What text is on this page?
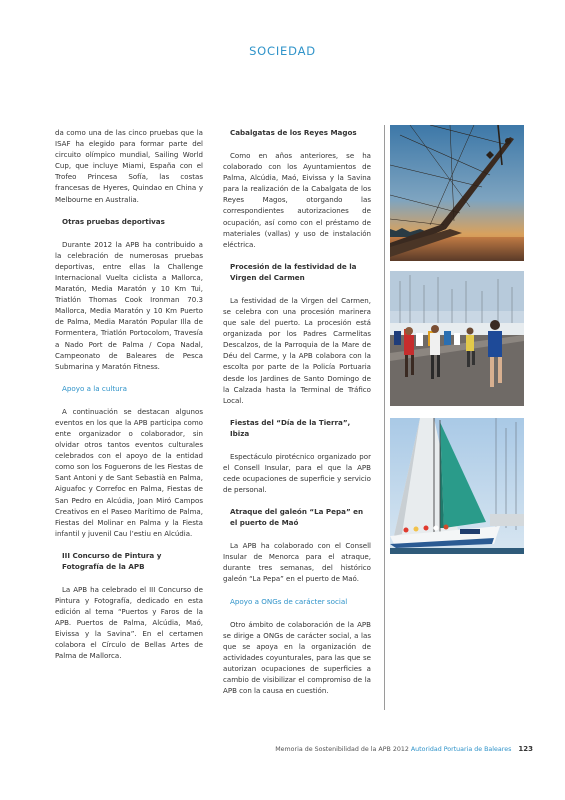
SOCIEDAD

da como una de las cinco pruebas que la ISAF ha elegido para formar parte del circuito olímpico mundial, Sailing World Cup, que incluye Miami, España con el Trofeo Princesa Sofía, las costas francesas de Hyeres, Quindao en China y Melbourne en Australia.

Otras pruebas deportivas

Durante 2012 la APB ha contribuido a la celebración de numerosas pruebas deportivas, entre ellas la Challenge Internacional Vuelta ciclista a Mallorca, Maratón, Media Maratón y 10 Km Tui, Triatlón Thomas Cook Ironman 70.3 Mallorca, Media Maratón y 10 Km Puerto de Palma, Media Maratón Popular Illa de Formentera, Triatlón Portocolom, Travesía a Nado Port de Palma / Copa Nadal, Campeonato de Baleares de Pesca Submarina y Maratón Fitness.

Apoyo a la cultura

A continuación se destacan algunos eventos en los que la APB participa como ente organizador o colaborador, sin olvidar otros tantos eventos culturales celebrados con el apoyo de la entidad como son los Foguerons de les Fiestas de Sant Antoni y de Sant Sebastià en Palma, Aiguafoc y Correfoc en Palma, Fiestas de San Pedro en Alcúdia, Joan Miró Campos Creativos en el Paseo Marítimo de Palma, Fiestas del Molinar en Palma y la Fiesta infantil y juvenil Cau l’estiu en Alcúdia.

III Concurso de Pintura y Fotografía de la APB

La APB ha celebrado el III Concurso de Pintura y Fotografía, dedicado en esta edición al tema “Puertos y Faros de la APB. Puertos de Palma, Alcúdia, Maó, Eivissa y la Savina”. En el certamen colabora el Círculo de Bellas Artes de Palma de Mallorca.

Cabalgatas de los Reyes Magos

Como en años anteriores, se ha colaborado con los Ayuntamientos de Palma, Alcúdia, Maó, Eivissa y la Savina para la realización de la Cabalgata de los Reyes Magos, otorgando las correspondientes autorizaciones de ocupación, así como con el préstamo de materiales (vallas) y uso de instalación eléctrica.

Procesión de la festividad de la Virgen del Carmen

La festividad de la Virgen del Carmen, se celebra con una procesión marinera que sale del puerto. La procesión está organizada por los Padres Carmelitas Descalzos, de la Parroquia de la Mare de Déu del Carme, y la APB colabora con la escolta por parte de la Policía Portuaria desde los Jardines de Santo Domingo de la Calzada hasta la Terminal de Tráfico Local.

Fiestas del “Día de la Tierra”, Ibiza

Espectáculo pirotécnico organizado por el Consell Insular, para el que la APB cede ocupaciones de superficie y servicio de personal.

Atraque del galeón “La Pepa” en el puerto de Maó

La APB ha colaborado con el Consell Insular de Menorca para el atraque, durante tres semanas, del histórico galeón “La Pepa” en el puerto de Maó.

Apoyo a ONGs de carácter social

Otro ámbito de colaboración de la APB se dirige a ONGs de carácter social, a las que se apoya en la organización de actividades coyunturales, para las que se autorizan ocupaciones de superficies a cambio de visibilizar el compromiso de la APB con la causa en cuestión.

Memoria de Sostenibilidad de la APB 2012 Autoridad Portuaria de Baleares 123
